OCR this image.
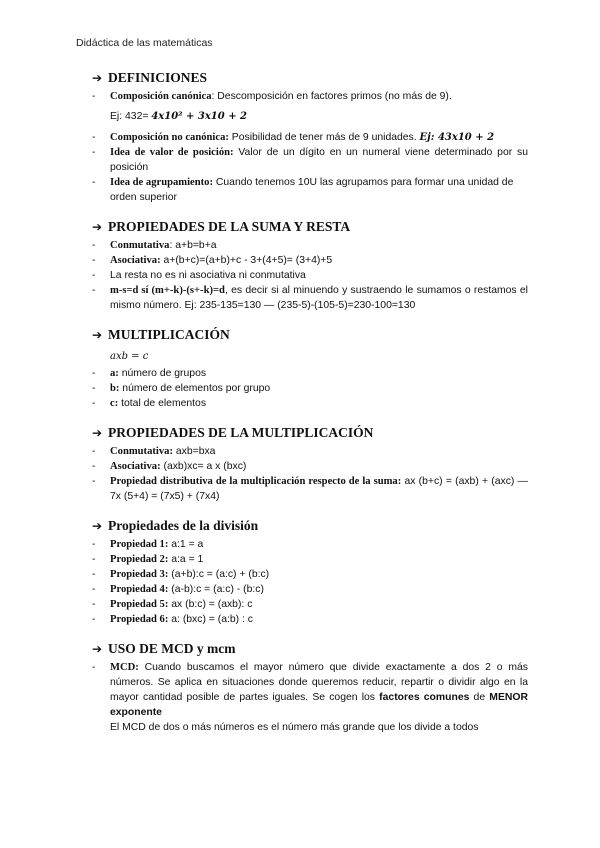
Didáctica de las matemáticas
➔ DEFINICIONES
- Composición canónica: Descomposición en factores primos (no más de 9).
Ej: 432= 4x10² + 3x10 + 2
- Composición no canónica: Posibilidad de tener más de 9 unidades. Ej: 43x10 + 2
- Idea de valor de posición: Valor de un dígito en un numeral viene determinado por su posición
- Idea de agrupamiento: Cuando tenemos 10U las agrupamos para formar una unidad de orden superior
➔ PROPIEDADES DE LA SUMA Y RESTA
- Conmutativa: a+b=b+a
- Asociativa: a+(b+c)=(a+b)+c - 3+(4+5)= (3+4)+5
- La resta no es ni asociativa ni conmutativa
- m-s=d sí (m+-k)-(s+-k)=d, es decir si al minuendo y sustraendo le sumamos o restamos el mismo número. Ej: 235-135=130 — (235-5)-(105-5)=230-100=130
➔ MULTIPLICACIÓN
axb = c
- a: número de grupos
- b: número de elementos por grupo
- c: total de elementos
➔ PROPIEDADES DE LA MULTIPLICACIÓN
- Conmutativa: axb=bxa
- Asociativa: (axb)xc= a x (bxc)
- Propiedad distributiva de la multiplicación respecto de la suma: ax (b+c) = (axb) + (axc) — 7x (5+4) = (7x5) + (7x4)
➔ Propiedades de la división
- Propiedad 1: a:1 = a
- Propiedad 2: a:a = 1
- Propiedad 3: (a+b):c = (a:c) + (b:c)
- Propiedad 4: (a-b):c = (a:c) - (b:c)
- Propiedad 5: ax (b:c) = (axb): c
- Propiedad 6: a: (bxc) = (a:b) : c
➔ USO DE MCD y mcm
- MCD: Cuando buscamos el mayor número que divide exactamente a dos 2 o más números. Se aplica en situaciones donde queremos reducir, repartir o dividir algo en la mayor cantidad posible de partes iguales. Se cogen los factores comunes de MENOR exponente
El MCD de dos o más números es el número más grande que los divide a todos
